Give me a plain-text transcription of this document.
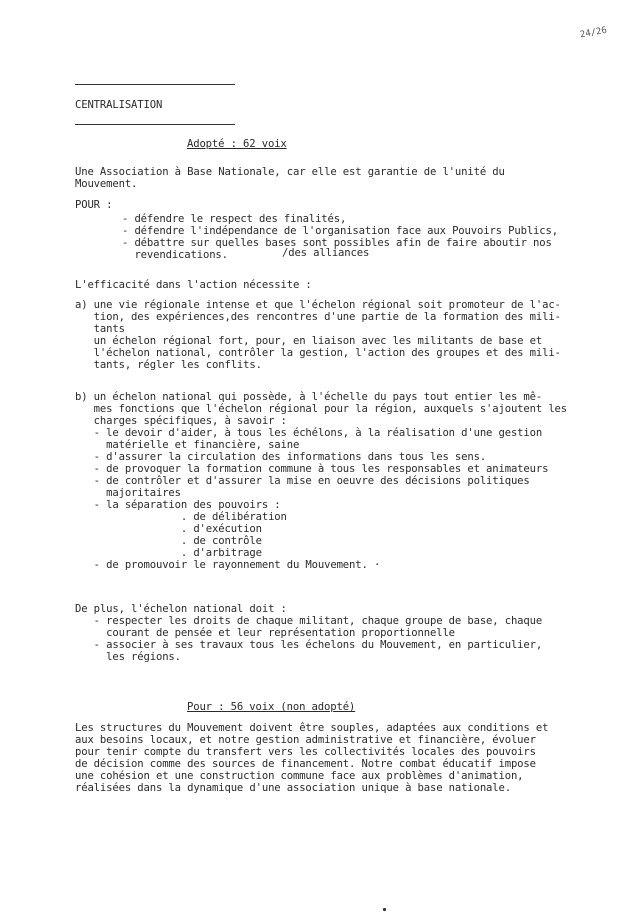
24/26
CENTRALISATION
Adopté : 62 voix
Une Association à Base Nationale, car elle est garantie de l'unité du
Mouvement.
POUR :
- défendre le respect des finalités,
- défendre l'indépendance de l'organisation face aux Pouvoirs Publics,
- débattre sur quelles bases sont possibles afin de faire aboutir nos
revendications.	/des alliances
L'efficacité dans l'action nécessite :
a) une vie régionale intense et que l'échelon régional soit promoteur de l'ac-
tion, des expériences,des rencontres d'une partie de la formation des mili-
tants
un échelon régional fort, pour, en liaison avec les militants de base et
l'échelon national, contrôler la gestion, l'action des groupes et des mili-
tants, régler les conflits.
b) un échelon national qui possède, à l'échelle du pays tout entier les mê-
mes fonctions que l'échelon régional pour la région, auxquels s'ajoutent les
charges spécifiques, à savoir :
- le devoir d'aider, à tous les échélons, à la réalisation d'une gestion
matérielle et financière, saine
- d'assurer la circulation des informations dans tous les sens.
- de provoquer la formation commune à tous les responsables et animateurs
- de contrôler et d'assurer la mise en oeuvre des décisions politiques
majoritaires
- la séparation des pouvoirs :
. de délibération
. d'exécution
. de contrôle
. d'arbitrage
- de promouvoir le rayonnement du Mouvement. ·
De plus, l'échelon national doit :
- respecter les droits de chaque militant, chaque groupe de base, chaque
courant de pensée et leur représentation proportionnelle
- associer à ses travaux tous les échelons du Mouvement, en particulier,
les régions.
Pour : 56 voix (non adopté)
Les structures du Mouvement doivent être souples, adaptées aux conditions et
aux besoins locaux, et notre gestion administrative et financière, évoluer
pour tenir compte du transfert vers les collectivités locales des pouvoirs
de décision comme des sources de financement. Notre combat éducatif impose
une cohésion et une construction commune face aux problèmes d'animation,
réalisées dans la dynamique d'une association unique à base nationale.
